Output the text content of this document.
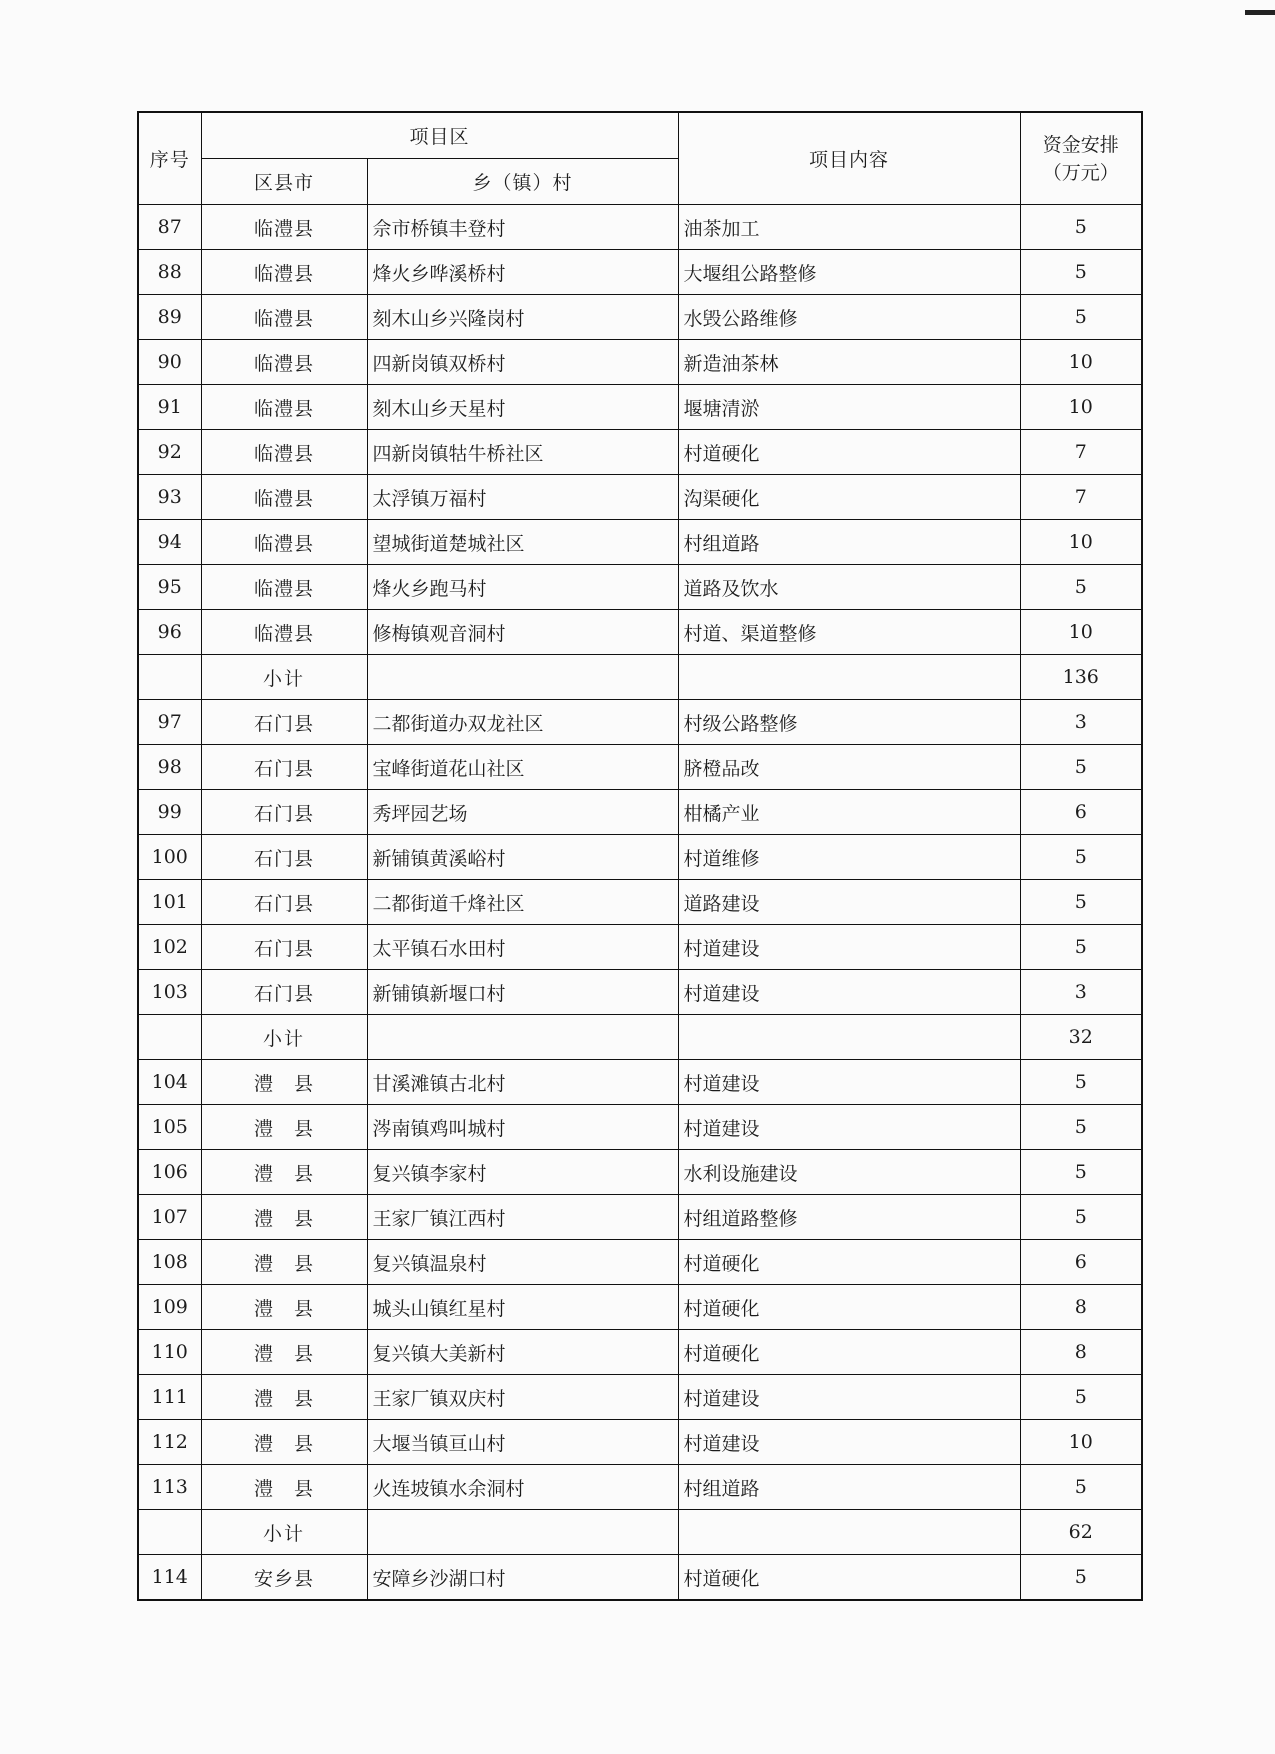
序号	项目区		项目内容	资金安排
（万元）

	区县市	乡（镇）村		
87	临澧县	佘市桥镇丰登村	油茶加工	5
88	临澧县	烽火乡哗溪桥村	大堰组公路整修	5
89	临澧县	刻木山乡兴隆岗村	水毁公路维修	5
90	临澧县	四新岗镇双桥村	新造油茶林	10
91	临澧县	刻木山乡天星村	堰塘清淤	10
92	临澧县	四新岗镇牯牛桥社区	村道硬化	7
93	临澧县	太浮镇万福村	沟渠硬化	7
94	临澧县	望城街道楚城社区	村组道路	10
95	临澧县	烽火乡跑马村	道路及饮水	5
96	临澧县	修梅镇观音洞村	村道、渠道整修	10
	小计			136
97	石门县	二都街道办双龙社区	村级公路整修	3
98	石门县	宝峰街道花山社区	脐橙品改	5
99	石门县	秀坪园艺场	柑橘产业	6
100	石门县	新铺镇黄溪峪村	村道维修	5
101	石门县	二都街道千烽社区	道路建设	5
102	石门县	太平镇石水田村	村道建设	5
103	石门县	新铺镇新堰口村	村道建设	3
	小计			32
104	澧　县	甘溪滩镇古北村	村道建设	5
105	澧　县	涔南镇鸡叫城村	村道建设	5
106	澧　县	复兴镇李家村	水利设施建设	5
107	澧　县	王家厂镇江西村	村组道路整修	5
108	澧　县	复兴镇温泉村	村道硬化	6
109	澧　县	城头山镇红星村	村道硬化	8
110	澧　县	复兴镇大美新村	村道硬化	8
111	澧　县	王家厂镇双庆村	村道建设	5
112	澧　县	大堰当镇亘山村	村道建设	10
113	澧　县	火连坡镇水余洞村	村组道路	5
	小计			62
114	安乡县	安障乡沙湖口村	村道硬化	5
